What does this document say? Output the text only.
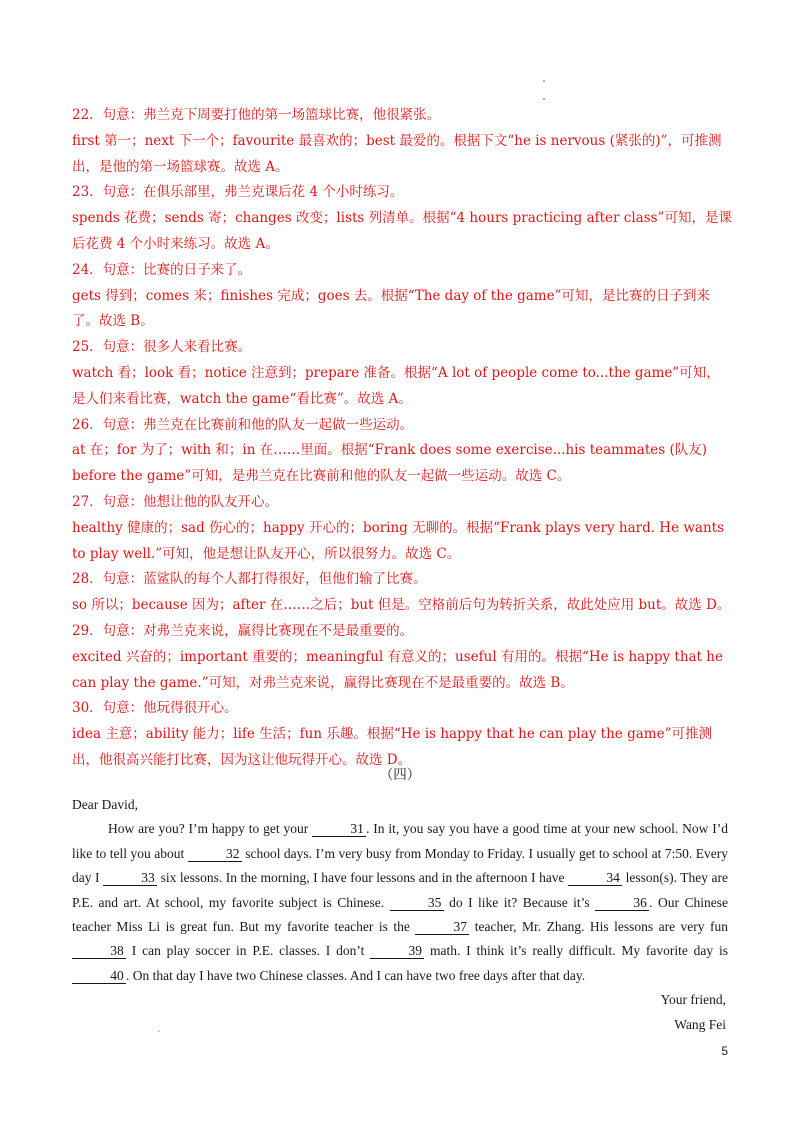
22．句意：弗兰克下周要打他的第一场篮球比赛，他很紧张。

first 第一；next 下一个；favourite 最喜欢的；best 最爱的。根据下文“he is nervous (紧张的)”，可推测出，是他的第一场篮球赛。故选 A。

23．句意：在俱乐部里，弗兰克课后花 4 个小时练习。

spends 花费；sends 寄；changes 改变；lists 列清单。根据“4 hours practicing after class”可知，是课后花费 4 个小时来练习。故选 A。

24．句意：比赛的日子来了。

gets 得到；comes 来；finishes 完成；goes 去。根据“The day of the game”可知，是比赛的日子到来了。故选 B。

25．句意：很多人来看比赛。

watch 看；look 看；notice 注意到；prepare 准备。根据“A lot of people come to...the game”可知，是人们来看比赛，watch the game“看比赛”。故选 A。

26．句意：弗兰克在比赛前和他的队友一起做一些运动。

at 在；for 为了；with 和；in 在……里面。根据“Frank does some exercise...his teammates (队友) before the game”可知，是弗兰克在比赛前和他的队友一起做一些运动。故选 C。

27．句意：他想让他的队友开心。

healthy 健康的；sad 伤心的；happy 开心的；boring 无聊的。根据“Frank plays very hard. He wants to play well.”可知，他是想让队友开心，所以很努力。故选 C。

28．句意：蓝鲨队的每个人都打得很好，但他们输了比赛。

so 所以；because 因为；after 在……之后；but 但是。空格前后句为转折关系，故此处应用 but。故选 D。

29．句意：对弗兰克来说，赢得比赛现在不是最重要的。

excited 兴奋的；important 重要的；meaningful 有意义的；useful 有用的。根据“He is happy that he can play the game.”可知，对弗兰克来说，赢得比赛现在不是最重要的。故选 B。

30．句意：他玩得很开心。

idea 主意；ability 能力；life 生活；fun 乐趣。根据“He is happy that he can play the game”可推测出，他很高兴能打比赛，因为这让他玩得开心。故选 D。

（四）

Dear David,

How are you? I’m happy to get your	31 . In it, you say you have a good time at your new school. Now I’d like to tell you about	32 school days. I’m very busy from Monday to Friday. I usually get to school at 7:50. Every day I	33 six lessons. In the morning, I have four lessons and in the afternoon I have	34 lesson(s). They are P.E. and art. At school, my favorite subject is Chinese.	35 do I like it? Because it’s	36 . Our Chinese teacher Miss Li is great fun. But my favorite teacher is the	37 teacher, Mr. Zhang. His lessons are very fun 38 I can play soccer in P.E. classes. I don’t	39 math. I think it’s really difficult. My favorite day is 40 . On that day I have two Chinese classes. And I can have two free days after that day.

Your friend,

Wang Fei

5
